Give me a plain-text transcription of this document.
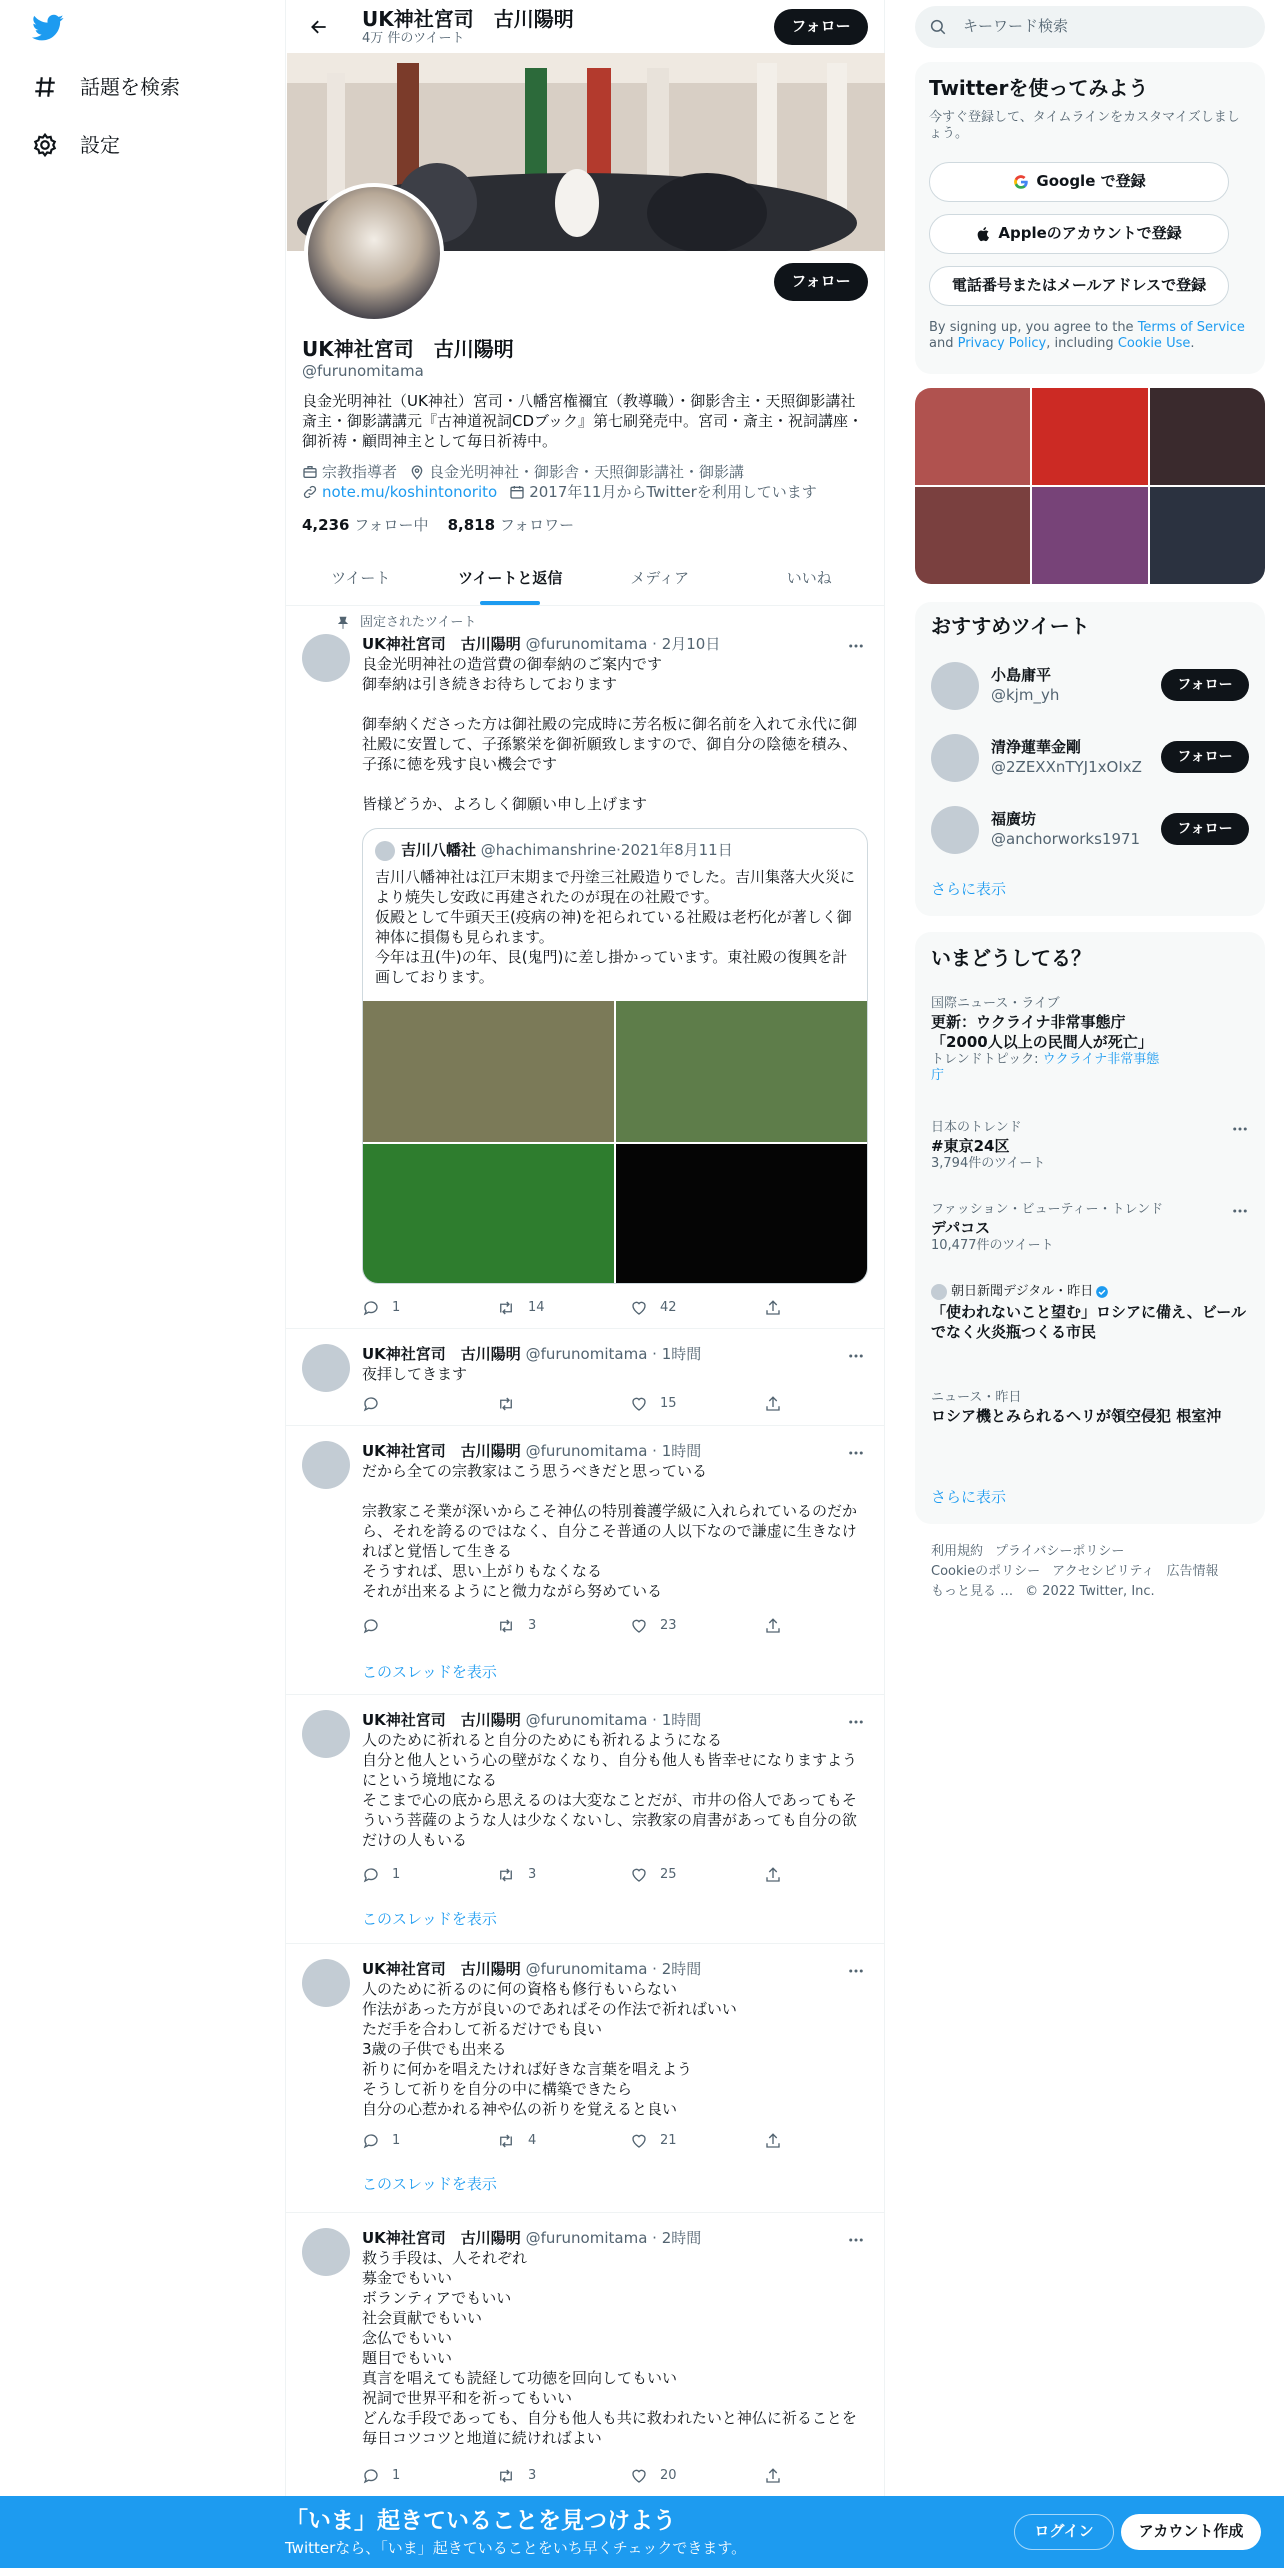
話題を検索
設定
UK神社宮司　古川陽明
4万 件のツイート
フォロー
フォロー
UK神社宮司　古川陽明
@furunomitama
良金光明神社（UK神社）宮司・八幡宮権禰宜（教導職）・御影舎主・天照御影講社斎主・御影講講元『古神道祝詞CDブック』第七刷発売中。宮司・斎主・祝詞講座・御祈祷・顧問神主として毎日祈祷中。
宗教指導者 良金光明神社・御影舎・天照御影講社・御影講
note.mu/koshintonorito 2017年11月からTwitterを利用しています
4,236 フォロー中 8,818 フォロワー
ツイート	ツイートと返信	メディア	いいね
固定されたツイート
UK神社宮司　古川陽明 @furunomitama · 2月10日
良金光明神社の造営費の御奉納のご案内です
御奉納は引き続きお待ちしております

御奉納くださった方は御社殿の完成時に芳名板に御名前を入れて永代に御社殿に安置して、子孫繁栄を御祈願致しますので、御自分の陰徳を積み、子孫に徳を残す良い機会です

皆様どうか、よろしく御願い申し上げます
吉川八幡社
@hachimanshrine · 2021年8月11日
吉川八幡神社は江戸末期まで丹塗三社殿造りでした。吉川集落大火災により焼失し安政に再建されたのが現在の社殿です。
仮殿として牛頭天王(疫病の神)を祀られている社殿は老朽化が著しく御神体に損傷も見られます。
今年は丑(牛)の年、艮(鬼門)に差し掛かっています。東社殿の復興を計画しております。
1	14	42
UK神社宮司　古川陽明 @furunomitama · 1時間
夜拝してきます
15
UK神社宮司　古川陽明 @furunomitama · 1時間
だから全ての宗教家はこう思うべきだと思っている

宗教家こそ業が深いからこそ神仏の特別養護学級に入れられているのだから、それを誇るのではなく、自分こそ普通の人以下なので謙虚に生きなければと覚悟して生きる
そうすれば、思い上がりもなくなる
それが出来るようにと微力ながら努めている
3	23
このスレッドを表示
UK神社宮司　古川陽明 @furunomitama · 1時間
人のために祈れると自分のためにも祈れるようになる
自分と他人という心の壁がなくなり、自分も他人も皆幸せになりますようにという境地になる
そこまで心の底から思えるのは大変なことだが、市井の俗人であってもそういう菩薩のような人は少なくないし、宗教家の肩書があっても自分の欲だけの人もいる
1	3	25
このスレッドを表示
UK神社宮司　古川陽明 @furunomitama · 2時間
人のために祈るのに何の資格も修行もいらない
作法があった方が良いのであればその作法で祈ればいい
ただ手を合わして祈るだけでも良い
3歳の子供でも出来る
祈りに何かを唱えたければ好きな言葉を唱えよう
そうして祈りを自分の中に構築できたら
自分の心惹かれる神や仏の祈りを覚えると良い
1	4	21
このスレッドを表示
UK神社宮司　古川陽明 @furunomitama · 2時間
救う手段は、人それぞれ
募金でもいい
ボランティアでもいい
社会貢献でもいい
念仏でもいい
題目でもいい
真言を唱えても読経して功徳を回向してもいい
祝詞で世界平和を祈ってもいい
どんな手段であっても、自分も他人も共に救われたいと神仏に祈ることを毎日コツコツと地道に続ければよい
1	3	20
キーワード検索
Twitterを使ってみよう

今すぐ登録して、タイムラインをカスタマイズしましょう。

Google で登録
Appleのアカウントで登録
電話番号またはメールアドレスで登録
By signing up, you agree to the Terms of Service and Privacy Policy, including Cookie Use.
おすすめツイート
小島庸平
@kjm_yh
フォロー
清浄蓮華金剛
@2ZEXXnTYJ1xOIxZ
フォロー
福廣坊
@anchorworks1971
フォロー
さらに表示
いまどうしてる？
国際ニュース・ライブ
更新：ウクライナ非常事態庁
「2000人以上の民間人が死亡」
トレンドトピック: ウクライナ非常事態庁
日本のトレンド
#東京24区
3,794件のツイート
ファッション・ビューティー・トレンド
デパコス
10,477件のツイート
朝日新聞デジタル・昨日
「使われないこと望む」ロシアに備え、ビールでなく火炎瓶つくる市民
ニュース・昨日
ロシア機とみられるヘリが領空侵犯 根室沖
さらに表示
利用規約 プライバシーポリシー
Cookieのポリシー アクセシビリティ 広告情報
もっと見る … © 2022 Twitter, Inc.
「いま」起きていることを見つけよう
Twitterなら、「いま」起きていることをいち早くチェックできます。
ログイン	アカウント作成
